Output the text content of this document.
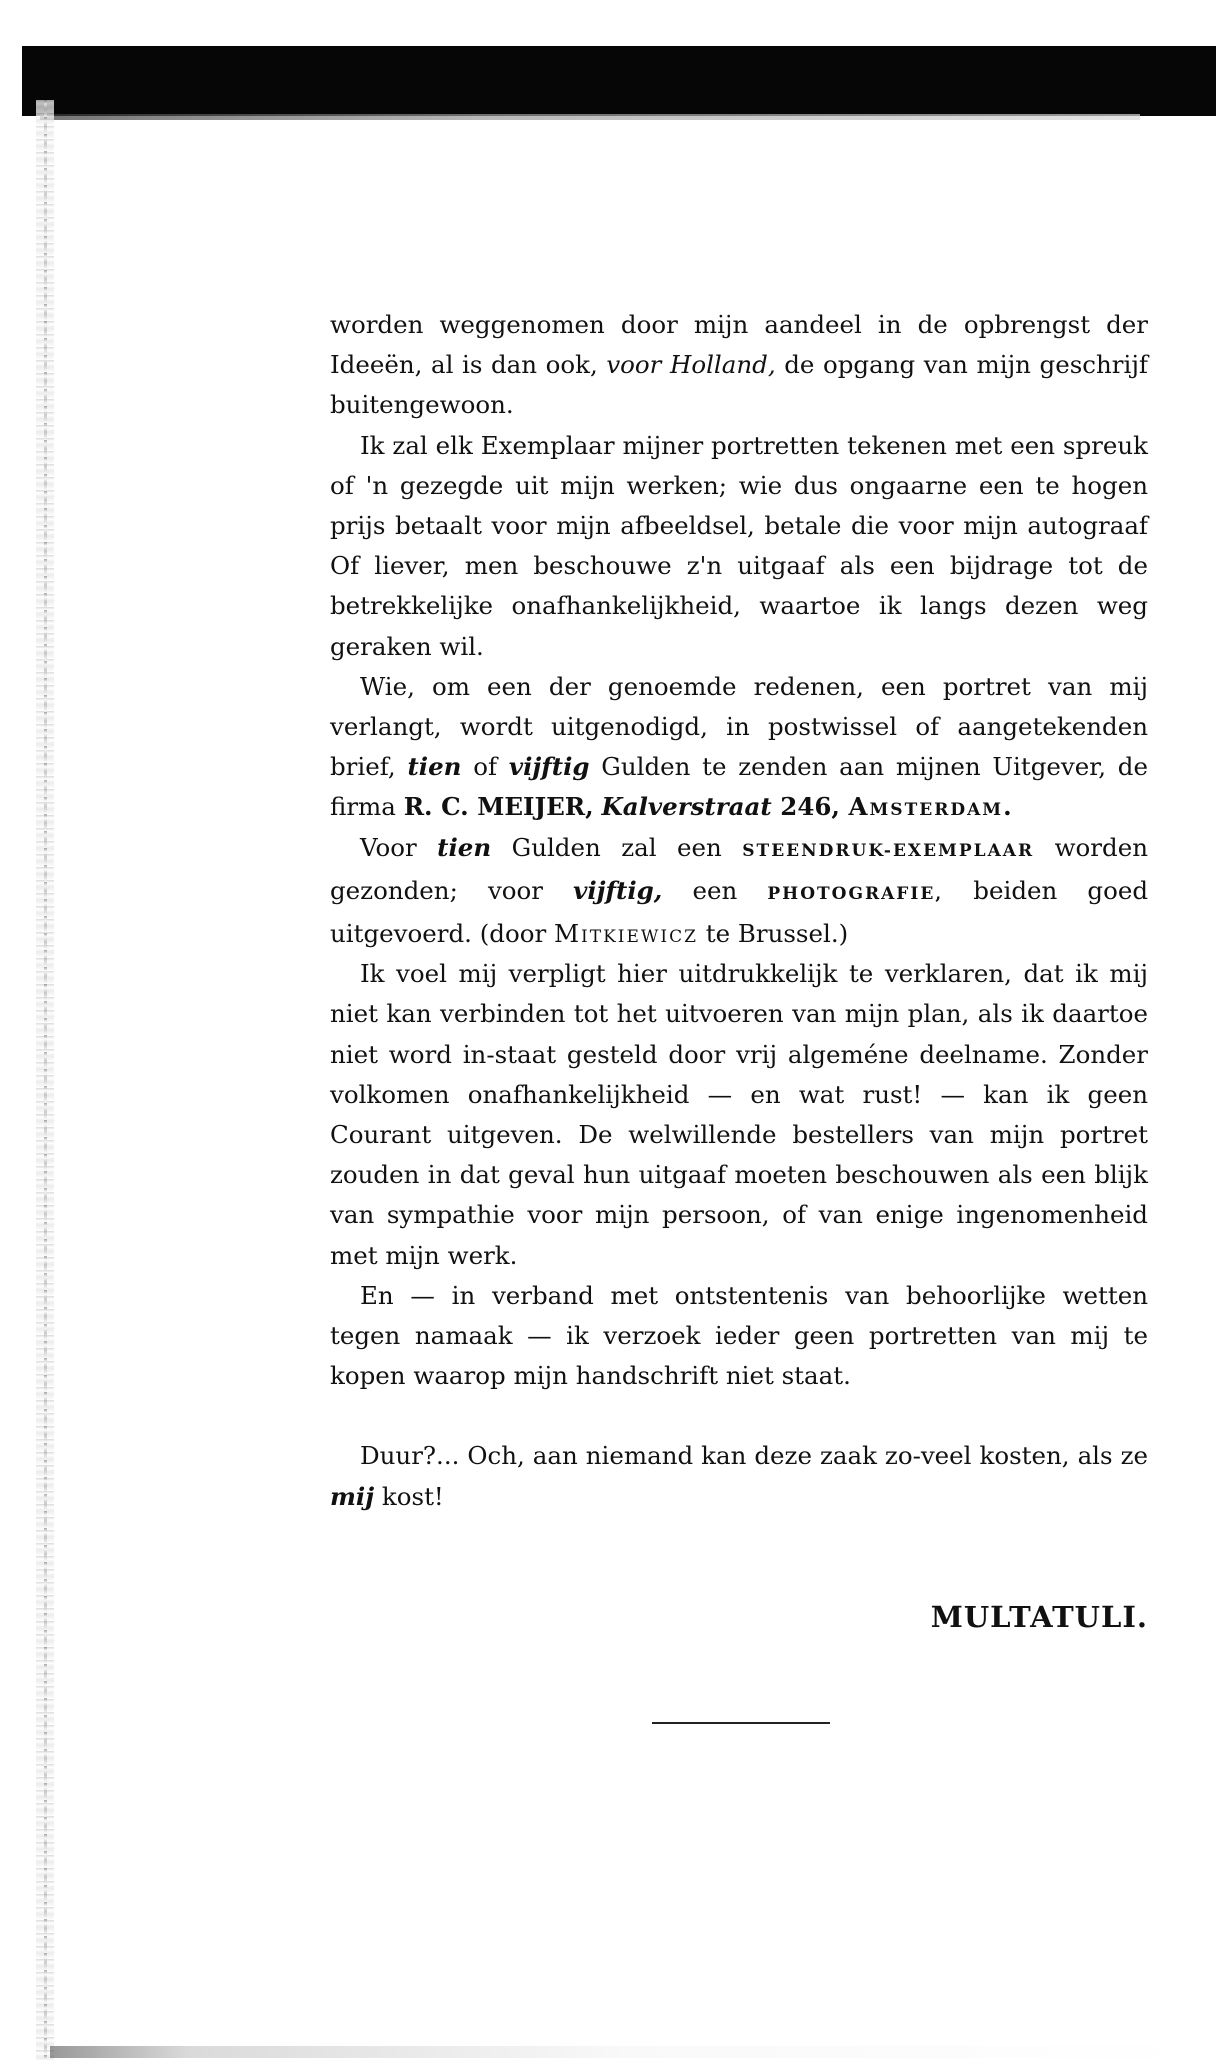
worden weggenomen door mijn aandeel in de opbrengst der Ideeën, al is dan ook, voor Holland, de opgang van mijn geschrijf buitengewoon.

Ik zal elk Exemplaar mijner portretten tekenen met een spreuk of 'n gezegde uit mijn werken; wie dus ongaarne een te hogen prijs betaalt voor mijn afbeeldsel, betale die voor mijn autograaf Of liever, men beschouwe z'n uitgaaf als een bijdrage tot de betrekkelijke onafhankelijkheid, waartoe ik langs dezen weg geraken wil.

Wie, om een der genoemde redenen, een portret van mij verlangt, wordt uitgenodigd, in postwissel of aangetekenden brief, tien of vijftig Gulden te zenden aan mijnen Uitgever, de firma R. C. MEIJER, Kalverstraat 246, Amsterdam.

Voor tien Gulden zal een STEENDRUK-EXEMPLAAR worden gezonden; voor vijftig, een PHOTOGRAFIE, beiden goed uitgevoerd. (door Mitkiewicz te Brussel.)

Ik voel mij verpligt hier uitdrukkelijk te verklaren, dat ik mij niet kan verbinden tot het uitvoeren van mijn plan, als ik daartoe niet word in-staat gesteld door vrij algeméne deelname. Zonder volkomen onafhankelijkheid — en wat rust! — kan ik geen Courant uitgeven. De welwillende bestellers van mijn portret zouden in dat geval hun uitgaaf moeten beschouwen als een blijk van sympathie voor mijn persoon, of van enige ingenomenheid met mijn werk.

En — in verband met ontstentenis van behoorlijke wetten tegen namaak — ik verzoek ieder geen portretten van mij te kopen waarop mijn handschrift niet staat.

Duur?... Och, aan niemand kan deze zaak zo-veel kosten, als ze mij kost!

MULTATULI.
